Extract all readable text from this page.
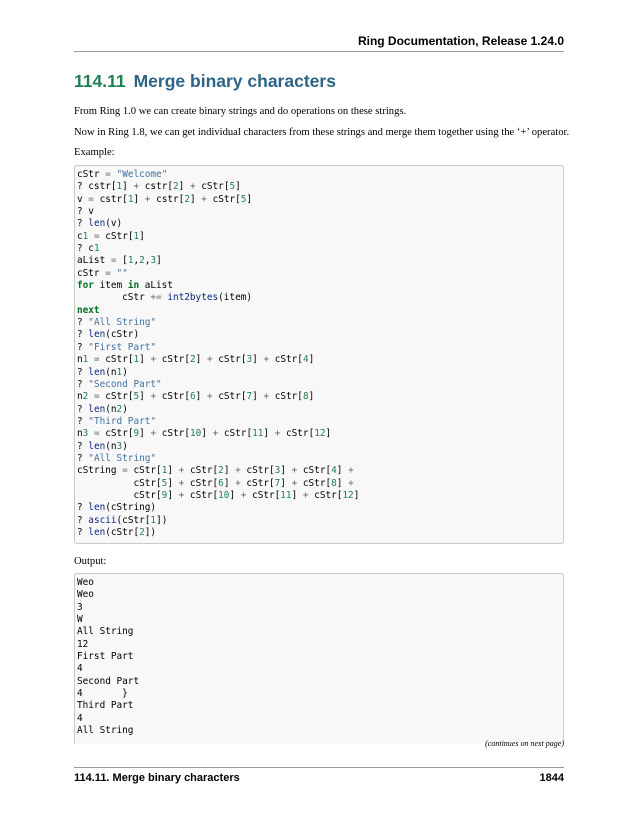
Ring Documentation, Release 1.24.0
114.11 Merge binary characters
From Ring 1.0 we can create binary strings and do operations on these strings.
Now in Ring 1.8, we can get individual characters from these strings and merge them together using the ‘+’ operator.
Example:
cStr = "Welcome"
? cstr[1] + cstr[2] + cStr[5]
v = cstr[1] + cstr[2] + cStr[5]
? v
? len(v)
c1 = cStr[1]
? c1
aList = [1,2,3]
cStr = ""
for item in aList
cStr += int2bytes(item)
next
? "All String"
? len(cStr)
? "First Part"
n1 = cStr[1] + cStr[2] + cStr[3] + cStr[4]
? len(n1)
? "Second Part"
n2 = cStr[5] + cStr[6] + cStr[7] + cStr[8]
? len(n2)
? "Third Part"
n3 = cStr[9] + cStr[10] + cStr[11] + cStr[12]
? len(n3)
? "All String"
cString = cStr[1] + cStr[2] + cStr[3] + cStr[4] +
cStr[5] + cStr[6] + cStr[7] + cStr[8] +
cStr[9] + cStr[10] + cStr[11] + cStr[12]
? len(cString)
? ascii(cStr[1])
? len(cStr[2])
Output:
Weo
Weo
3
W
All String
12
First Part
4
Second Part
4       }
Third Part
4
All String
(continues on next page)
114.11. Merge binary characters	1844
